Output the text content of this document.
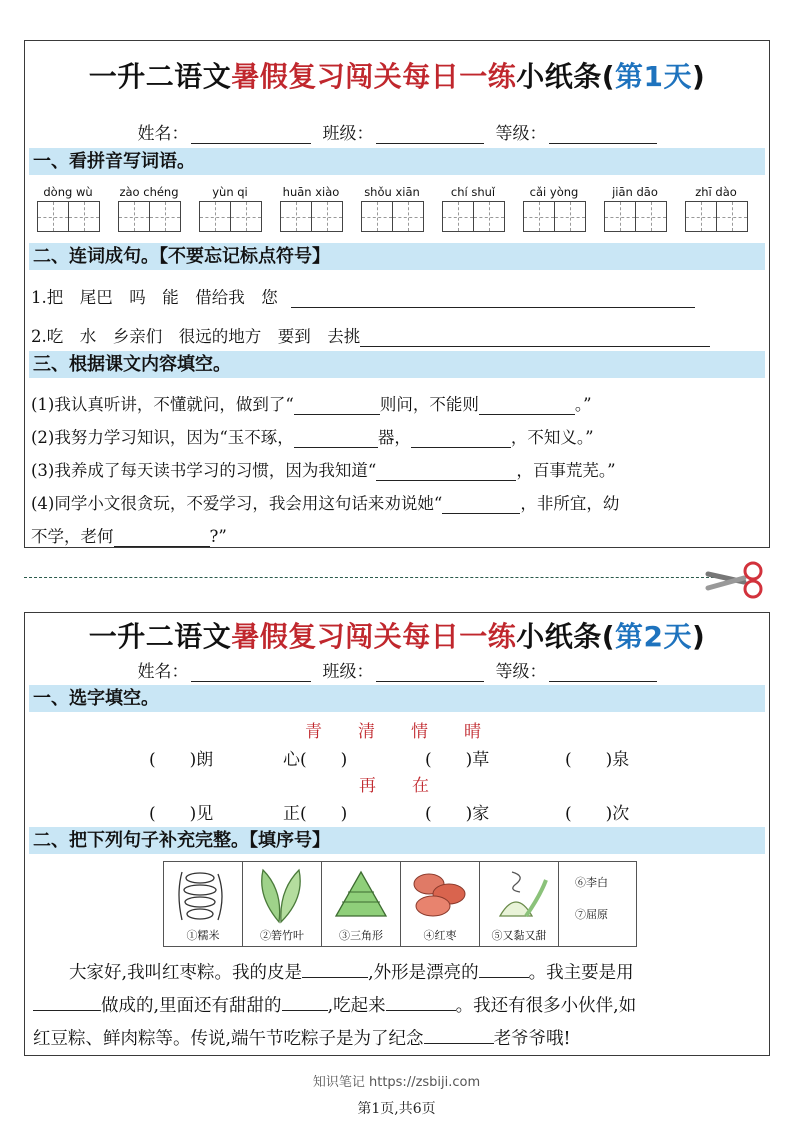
一升二语文暑假复习闯关每日一练小纸条(第1天)
姓名：	班级：	等级：
一、看拼音写词语。
dòng wù	zào chéng	yùn qi	huān xiào	shǒu xiān	chí shuǐ	cǎi yòng	jiān dāo	zhī dào
二、连词成句。【不要忘记标点符号】
1.把　尾巴　吗　能　借给我　您
2.吃　水　乡亲们　很远的地方　要到　去挑
三、根据课文内容填空。
(1)我认真听讲，不懂就问，做到了“	则问，不能则	。”
(2)我努力学习知识，因为“玉不琢，	器，	，不知义。”
(3)我养成了每天读书学习的习惯，因为我知道“	，百事荒芜。”
(4)同学小文很贪玩，不爱学习，我会用这句话来劝说她“	，非所宜，幼
不学，老何	?”
一升二语文暑假复习闯关每日一练小纸条(第2天)
姓名：	班级：	等级：
一、选字填空。
青 清 情 晴
(　　)朗	心(　　)	(　　)草	(　　)泉
再 在
(　　)见	正(　　)	(　　)家	(　　)次
二、把下列句子补充完整。【填序号】
①糯米	②箬竹叶	③三角形	④红枣	⑤又黏又甜
⑥李白
⑦屈原
大家好,我叫红枣粽。我的皮是	,外形是漂亮的	。我主要是用
做成的,里面还有甜甜的	,吃起来	。我还有很多小伙伴,如
红豆粽、鲜肉粽等。传说,端午节吃粽子是为了纪念	老爷爷哦!
知识笔记 https://zsbiji.com
第1页,共6页
